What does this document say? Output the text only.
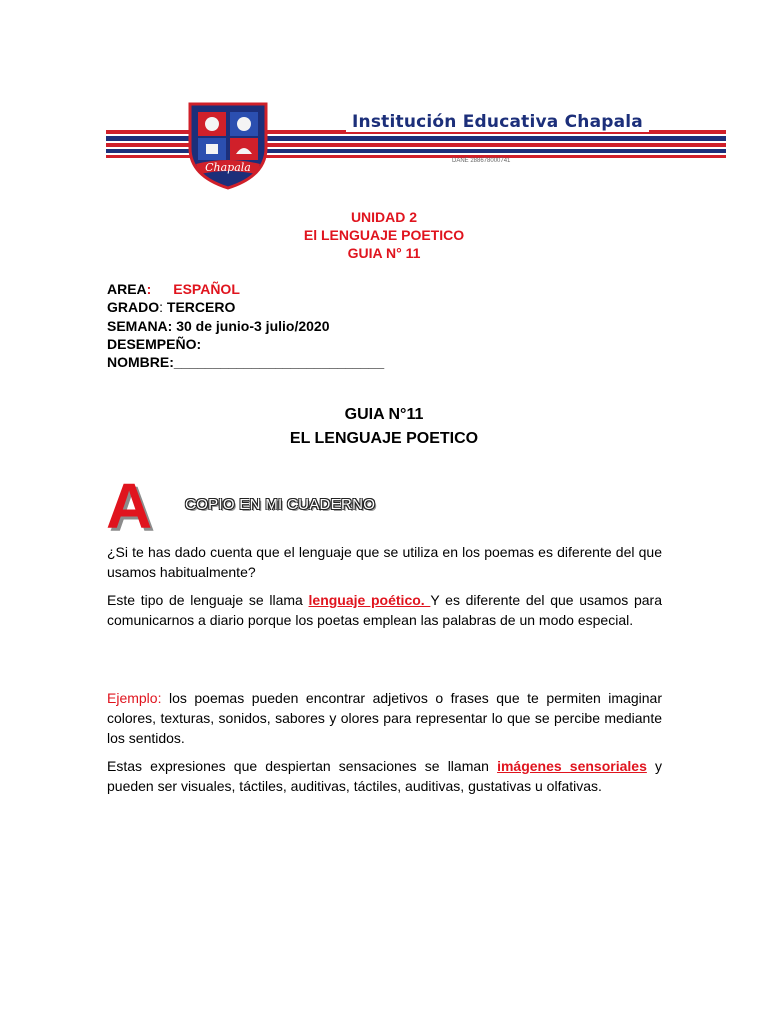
Institución Educativa Chapala
DANE 288678000741
Chapala
UNIDAD 2
El LENGUAJE POETICO
GUIA N° 11
AREA: ESPAÑOL
GRADO: TERCERO
SEMANA: 30 de junio-3 julio/2020
DESEMPEÑO:
NOMBRE:___________________________
GUIA N°11
EL LENGUAJE POETICO
A COPIO EN MI CUADERNO
¿Si te has dado cuenta que el lenguaje que se utiliza en los poemas es diferente del que usamos habitualmente?
Este tipo de lenguaje se llama lenguaje poético. Y es diferente del que usamos para comunicarnos a diario porque los poetas emplean las palabras de un modo especial.
Ejemplo: los poemas pueden encontrar adjetivos o frases que te permiten imaginar colores, texturas, sonidos, sabores y olores para representar lo que se percibe mediante los sentidos.
Estas expresiones que despiertan sensaciones se llaman imágenes sensoriales y pueden ser visuales, táctiles, auditivas, táctiles, auditivas, gustativas u olfativas.
